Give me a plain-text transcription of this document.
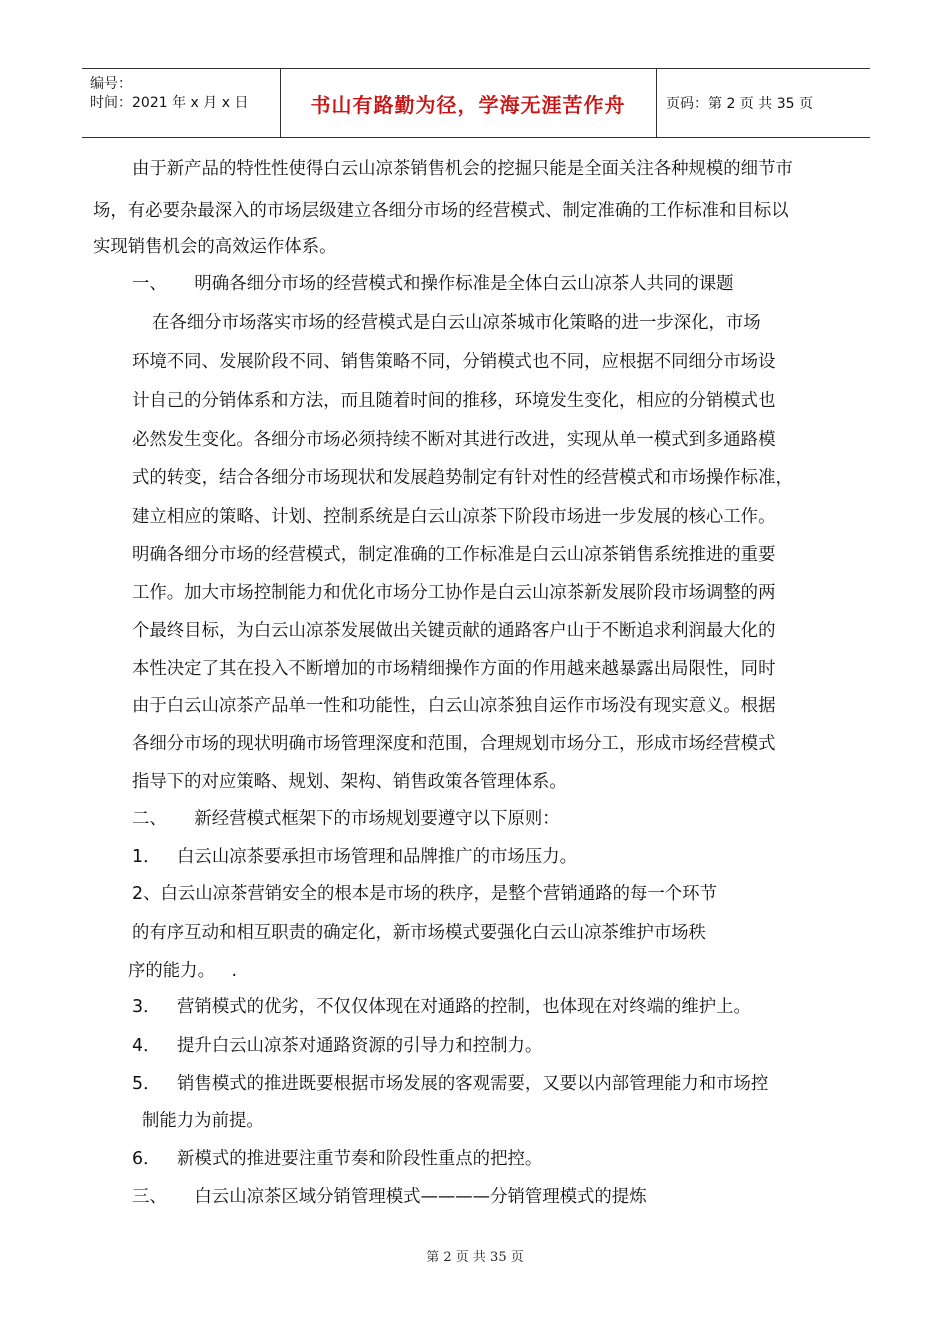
编号：
时间：2021 年 x 月 x 日	书山有路勤为径，学海无涯苦作舟	页码：第 2 页 共 35 页
由于新产品的特性性使得白云山凉茶销售机会的挖掘只能是全面关注各种规模的细节市
场，有必要杂最深入的市场层级建立各细分市场的经营模式、制定准确的工作标准和目标以
实现销售机会的高效运作体系。
一、     明确各细分市场的经营模式和操作标准是全体白云山凉茶人共同的课题
在各细分市场落实市场的经营模式是白云山凉茶城市化策略的进一步深化，市场
环境不同、发展阶段不同、销售策略不同，分销模式也不同，应根据不同细分市场设
计自己的分销体系和方法，而且随着时间的推移，环境发生变化，相应的分销模式也
必然发生变化。各细分市场必须持续不断对其进行改进，实现从单一模式到多通路模
式的转变，结合各细分市场现状和发展趋势制定有针对性的经营模式和市场操作标准，
建立相应的策略、计划、控制系统是白云山凉茶下阶段市场进一步发展的核心工作。
明确各细分市场的经营模式，制定准确的工作标准是白云山凉茶销售系统推进的重要
工作。加大市场控制能力和优化市场分工协作是白云山凉茶新发展阶段市场调整的两
个最终目标，为白云山凉茶发展做出关键贡献的通路客户山于不断追求利润最大化的
本性决定了其在投入不断增加的市场精细操作方面的作用越来越暴露出局限性，同时
由于白云山凉茶产品单一性和功能性，白云山凉茶独自运作市场没有现实意义。根据
各细分市场的现状明确市场管理深度和范围，合理规划市场分工，形成市场经营模式
指导下的对应策略、规划、架构、销售政策各管理体系。
二、     新经营模式框架下的市场规划要遵守以下原则：
1．   白云山凉茶要承担市场管理和品牌推广的市场压力。
2、白云山凉茶营销安全的根本是市场的秩序，是整个营销通路的每一个环节
的有序互动和相互职责的确定化，新市场模式要强化白云山凉茶维护市场秩
序的能力。   .
3．   营销模式的优劣，不仅仅体现在对通路的控制，也体现在对终端的维护上。
4．   提升白云山凉茶对通路资源的引导力和控制力。
5．   销售模式的推进既要根据市场发展的客观需要，又要以内部管理能力和市场控
制能力为前提。
6．   新模式的推进要注重节奏和阶段性重点的把控。
三、     白云山凉茶区域分销管理模式————分销管理模式的提炼
第 2 页 共 35 页
